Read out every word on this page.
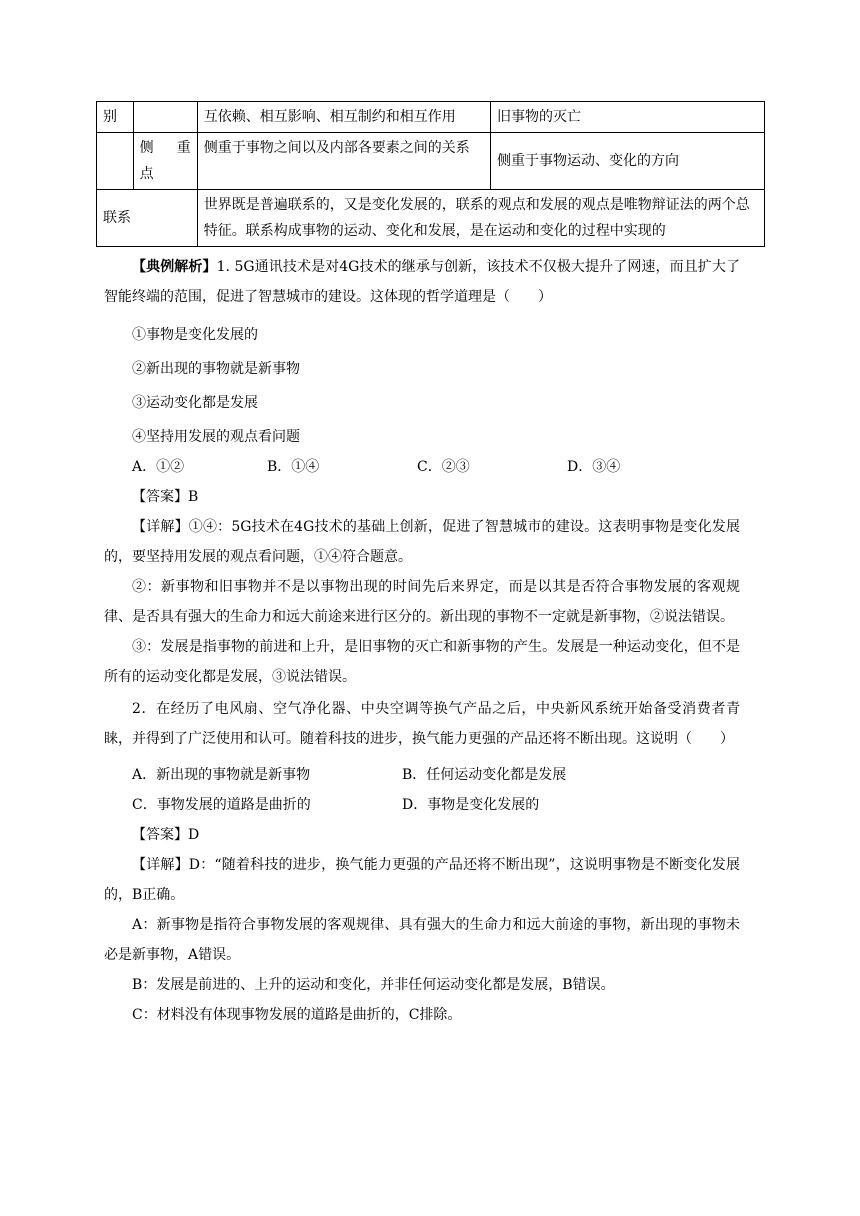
别		互依赖、相互影响、相互制约和相互作用	旧事物的灭亡
	侧　重点	侧重于事物之间以及内部各要素之间的关系	侧重于事物运动、变化的方向
联系		世界既是普遍联系的，又是变化发展的，联系的观点和发展的观点是唯物辩证法的两个总特征。联系构成事物的运动、变化和发展，是在运动和变化的过程中实现的	

【典例解析】1. 5G通讯技术是对4G技术的继承与创新，该技术不仅极大提升了网速，而且扩大了智能终端的范围，促进了智慧城市的建设。这体现的哲学道理是（　　）

①事物是变化发展的

②新出现的事物就是新事物

③运动变化都是发展

④坚持用发展的观点看问题

A．①②	B．①④	C．②③	D．③④

【答案】B

【详解】①④：5G技术在4G技术的基础上创新，促进了智慧城市的建设。这表明事物是变化发展的，要坚持用发展的观点看问题，①④符合题意。

②：新事物和旧事物并不是以事物出现的时间先后来界定，而是以其是否符合事物发展的客观规律、是否具有强大的生命力和远大前途来进行区分的。新出现的事物不一定就是新事物，②说法错误。

③：发展是指事物的前进和上升，是旧事物的灭亡和新事物的产生。发展是一种运动变化，但不是所有的运动变化都是发展，③说法错误。

2．在经历了电风扇、空气净化器、中央空调等换气产品之后，中央新风系统开始备受消费者青睐，并得到了广泛使用和认可。随着科技的进步，换气能力更强的产品还将不断出现。这说明（　　）

A．新出现的事物就是新事物	B．任何运动变化都是发展
C．事物发展的道路是曲折的	D．事物是变化发展的

【答案】D

【详解】D：“随着科技的进步，换气能力更强的产品还将不断出现”，这说明事物是不断变化发展的，B正确。

A：新事物是指符合事物发展的客观规律、具有强大的生命力和远大前途的事物，新出现的事物未必是新事物，A错误。

B：发展是前进的、上升的运动和变化，并非任何运动变化都是发展，B错误。

C：材料没有体现事物发展的道路是曲折的，C排除。
